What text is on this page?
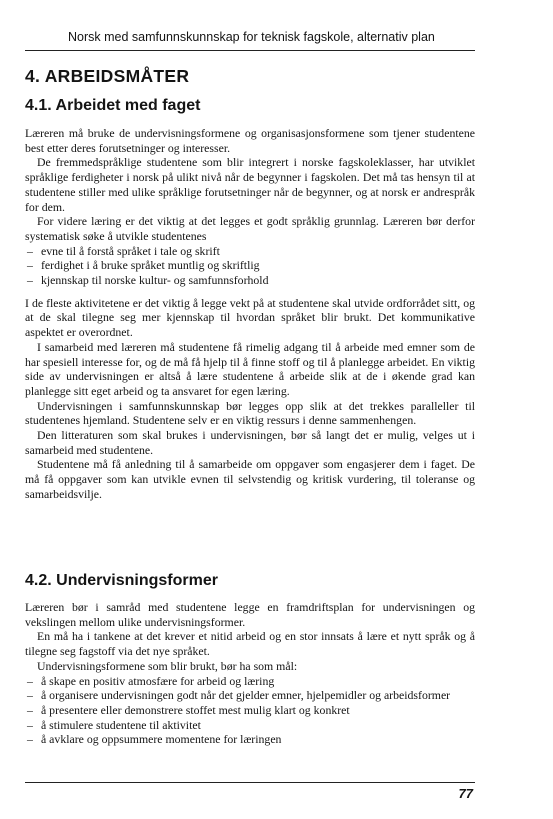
Norsk med samfunnskunnskap for teknisk fagskole, alternativ plan
4. ARBEIDSMÅTER
4.1. Arbeidet med faget

Læreren må bruke de undervisningsformene og organisasjonsformene som tjener studentene best etter deres forutsetninger og interesser.

De fremmedspråklige studentene som blir integrert i norske fagskoleklasser, har utviklet språklige ferdigheter i norsk på ulikt nivå når de begynner i fagskolen. Det må tas hensyn til at studentene stiller med ulike språklige forutsetninger når de begynner, og at norsk er andrespråk for dem.

For videre læring er det viktig at det legges et godt språklig grunnlag. Læreren bør derfor systematisk søke å utvikle studentenes

– evne til å forstå språket i tale og skrift
– ferdighet i å bruke språket muntlig og skriftlig
– kjennskap til norske kultur- og samfunnsforhold

I de fleste aktivitetene er det viktig å legge vekt på at studentene skal utvide ordforrådet sitt, og at de skal tilegne seg mer kjennskap til hvordan språket blir brukt. Det kommunikative aspektet er overordnet.

I samarbeid med læreren må studentene få rimelig adgang til å arbeide med emner som de har spesiell interesse for, og de må få hjelp til å finne stoff og til å planlegge arbeidet. En viktig side av undervisningen er altså å lære studentene å arbeide slik at de i økende grad kan planlegge sitt eget arbeid og ta ansvaret for egen læring.

Undervisningen i samfunnskunnskap bør legges opp slik at det trekkes paralleller til studentenes hjemland. Studentene selv er en viktig ressurs i denne sammenhengen.

Den litteraturen som skal brukes i undervisningen, bør så langt det er mulig, velges ut i samarbeid med studentene.

Studentene må få anledning til å samarbeide om oppgaver som engasjerer dem i faget. De må få oppgaver som kan utvikle evnen til selvstendig og kritisk vurdering, til toleranse og samarbeidsvilje.

4.2. Undervisningsformer

Læreren bør i samråd med studentene legge en framdriftsplan for undervisningen og vekslingen mellom ulike undervisningsformer.

En må ha i tankene at det krever et nitid arbeid og en stor innsats å lære et nytt språk og å tilegne seg fagstoff via det nye språket.

Undervisningsformene som blir brukt, bør ha som mål:

– å skape en positiv atmosfære for arbeid og læring
– å organisere undervisningen godt når det gjelder emner, hjelpemidler og arbeidsformer
– å presentere eller demonstrere stoffet mest mulig klart og konkret
– å stimulere studentene til aktivitet
– å avklare og oppsummere momentene for læringen
77
